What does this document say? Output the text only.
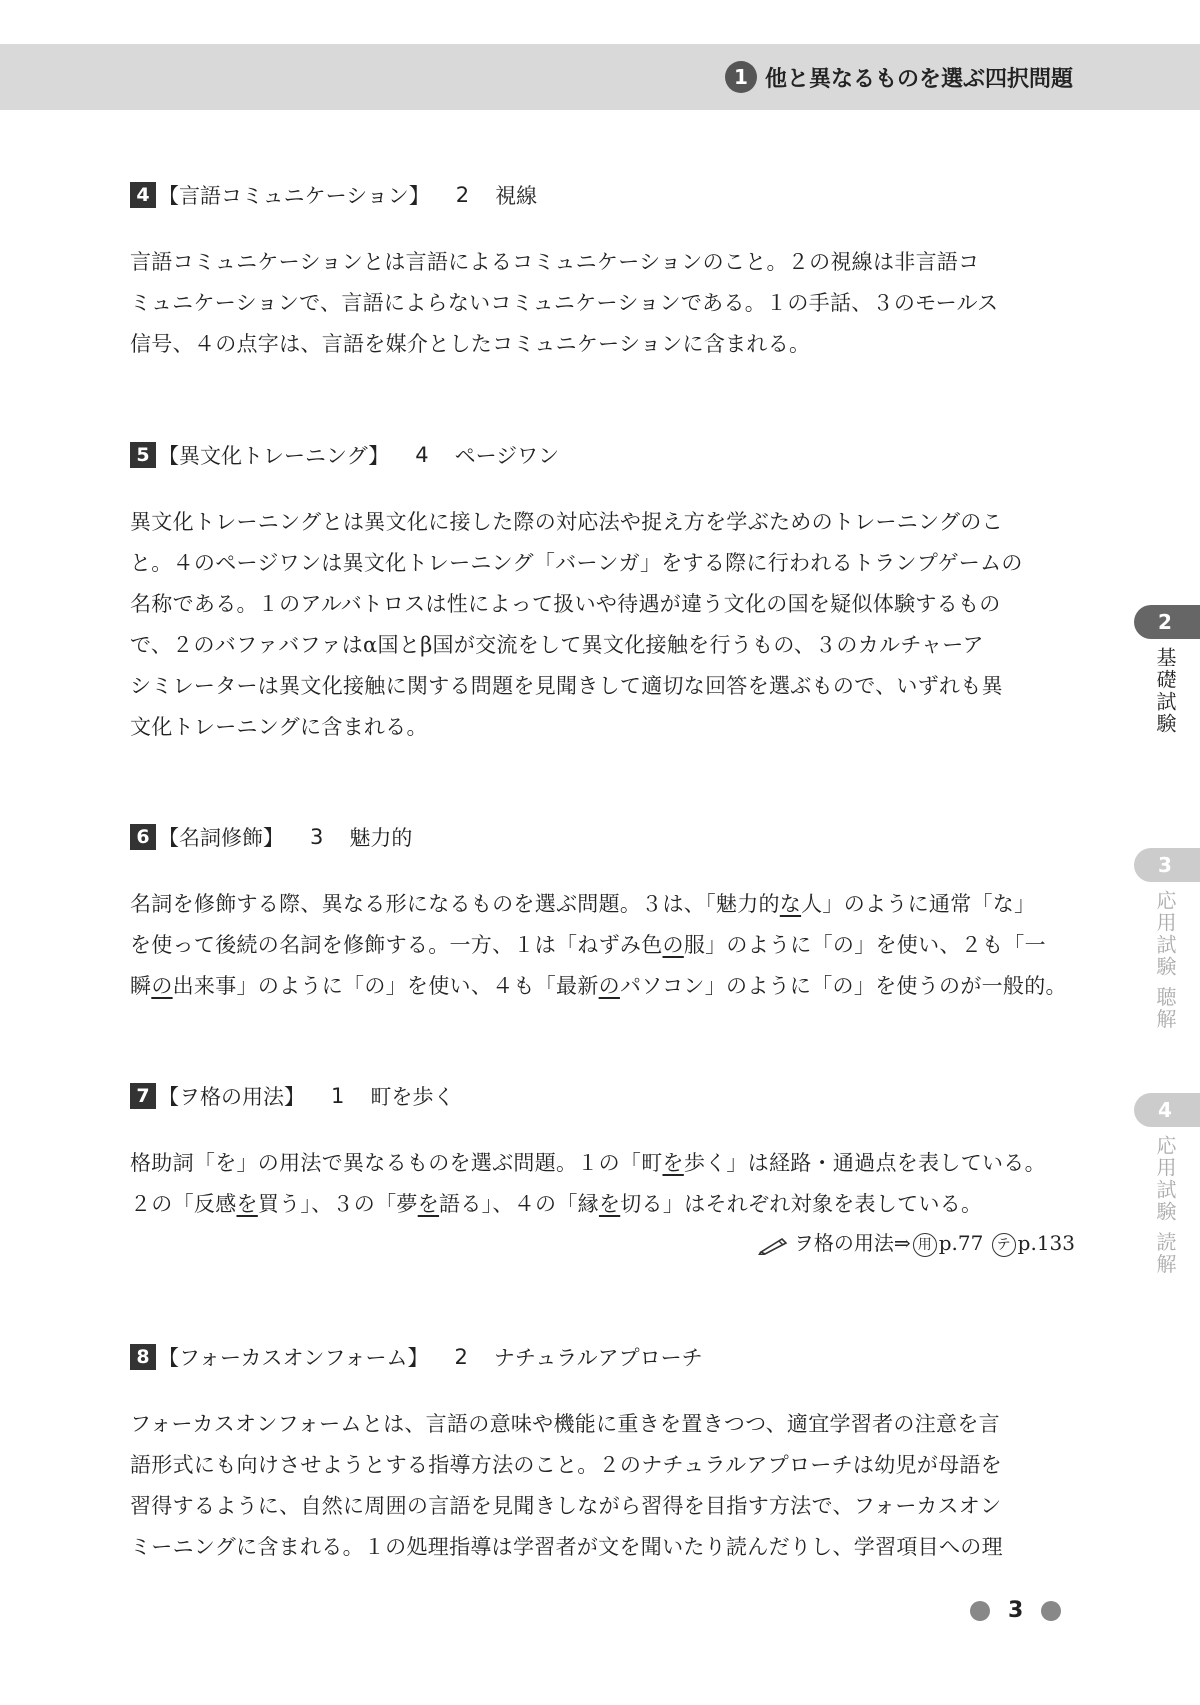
1 他と異なるものを選ぶ四択問題
4 【言語コミュニケーション】 2 視線
言語コミュニケーションとは言語によるコミュニケーションのこと。２の視線は非言語コ
ミュニケーションで、言語によらないコミュニケーションである。１の手話、３のモールス
信号、４の点字は、言語を媒介としたコミュニケーションに含まれる。
5 【異文化トレーニング】 4 ページワン
異文化トレーニングとは異文化に接した際の対応法や捉え方を学ぶためのトレーニングのこ
と。４のページワンは異文化トレーニング「バーンガ」をする際に行われるトランプゲームの
名称である。１のアルバトロスは性によって扱いや待遇が違う文化の国を疑似体験するもの
で、２のバファバファはα国とβ国が交流をして異文化接触を行うもの、３のカルチャーア
シミレーターは異文化接触に関する問題を見聞きして適切な回答を選ぶもので、いずれも異
文化トレーニングに含まれる。
6 【名詞修飾】 3 魅力的
名詞を修飾する際、異なる形になるものを選ぶ問題。３は、「魅力的な人」のように通常「な」
を使って後続の名詞を修飾する。一方、１は「ねずみ色の服」のように「の」を使い、２も「一
瞬の出来事」のように「の」を使い、４も「最新のパソコン」のように「の」を使うのが一般的。
7 【ヲ格の用法】 1 町を歩く
格助詞「を」の用法で異なるものを選ぶ問題。１の「町を歩く」は経路・通過点を表している。
２の「反感を買う」、３の「夢を語る」、４の「縁を切る」はそれぞれ対象を表している。
ヲ格の用法⇒ 用 p.77 テ p.133
8 【フォーカスオンフォーム】 2 ナチュラルアプローチ
フォーカスオンフォームとは、言語の意味や機能に重きを置きつつ、適宜学習者の注意を言
語形式にも向けさせようとする指導方法のこと。２のナチュラルアプローチは幼児が母語を
習得するように、自然に周囲の言語を見聞きしながら習得を目指す方法で、フォーカスオン
ミーニングに含まれる。１の処理指導は学習者が文を聞いたり読んだりし、学習項目への理
2
基礎試験
3
応用試験 聴解
4
応用試験 読解
3
